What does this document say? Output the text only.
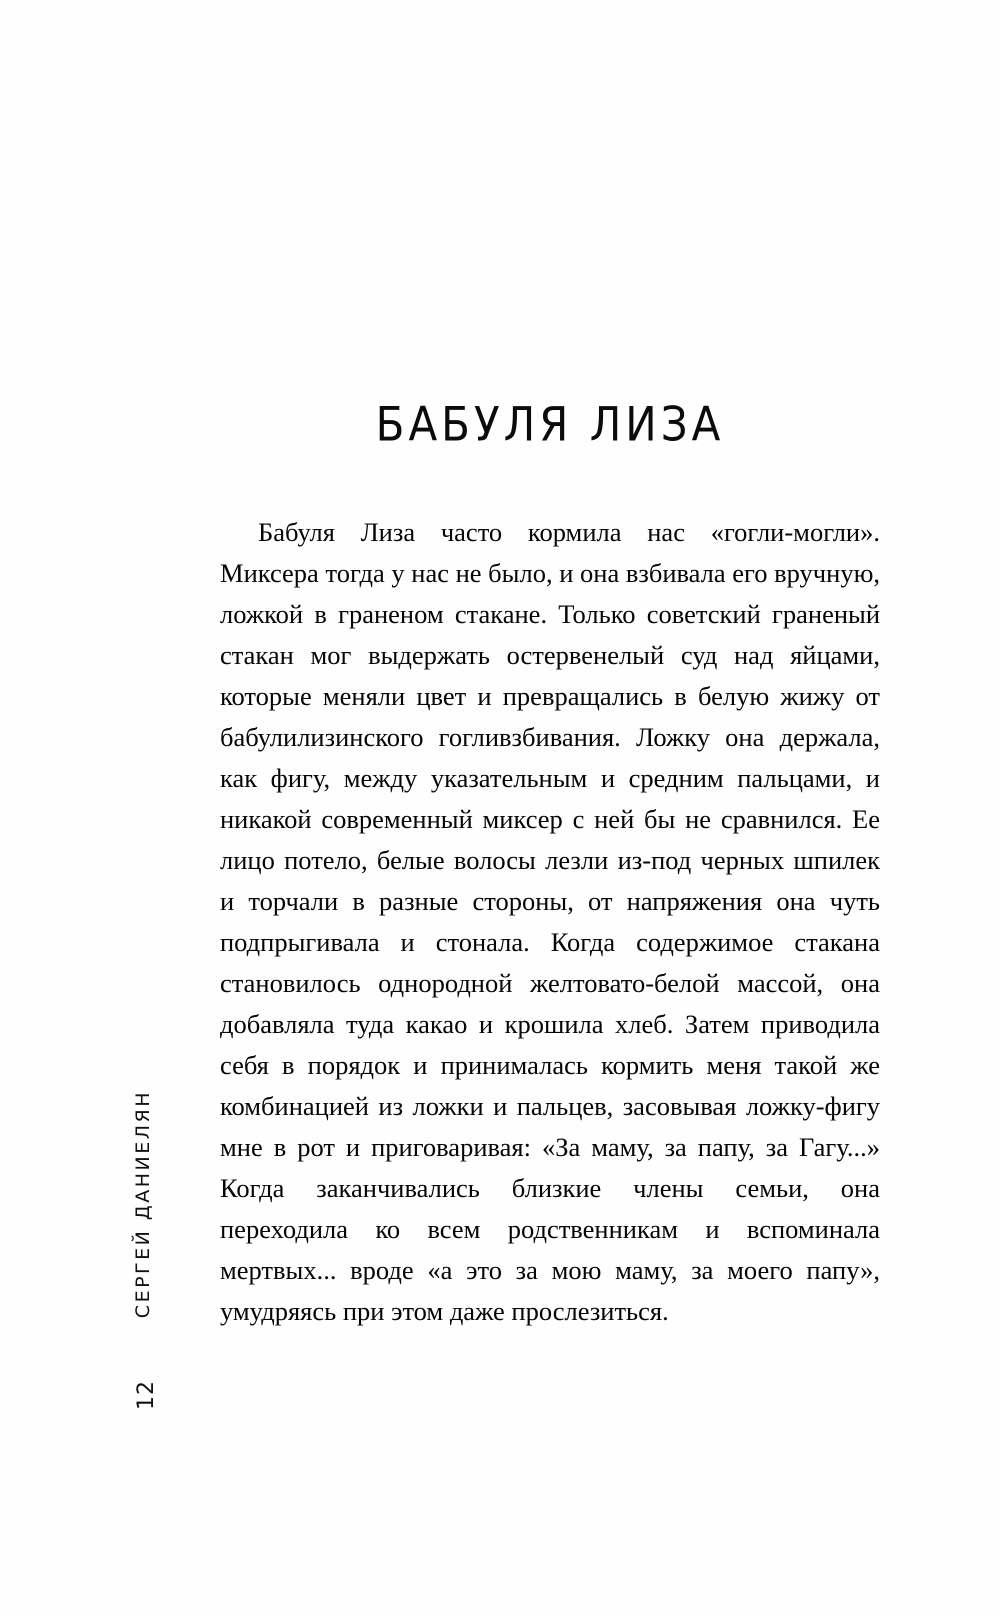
СЕРГЕЙ ДАНИЕЛЯН
12
БАБУЛЯ ЛИЗА

Бабуля Лиза часто кормила нас «гогли-могли». Миксера тогда у нас не было, и она взбивала его вручную, ложкой в граненом стакане. Только советский граненый стакан мог выдержать остервенелый суд над яйцами, которые меняли цвет и превращались в белую жижу от бабулилизинского гогливзбивания. Ложку она держала, как фигу, между указательным и средним пальцами, и никакой современный миксер с ней бы не сравнился. Ее лицо потело, белые волосы лезли из-под черных шпилек и торчали в разные стороны, от напряжения она чуть подпрыгивала и стонала. Когда содержимое стакана становилось однородной желтовато-белой массой, она добавляла туда какао и крошила хлеб. Затем приводила себя в порядок и принималась кормить меня такой же комбинацией из ложки и пальцев, засовывая ложку-фигу мне в рот и приговаривая: «За маму, за папу, за Гагу...» Когда заканчивались близкие члены семьи, она переходила ко всем родственникам и вспоминала мертвых... вроде «а это за мою маму, за моего папу», умудряясь при этом даже прослезиться.
